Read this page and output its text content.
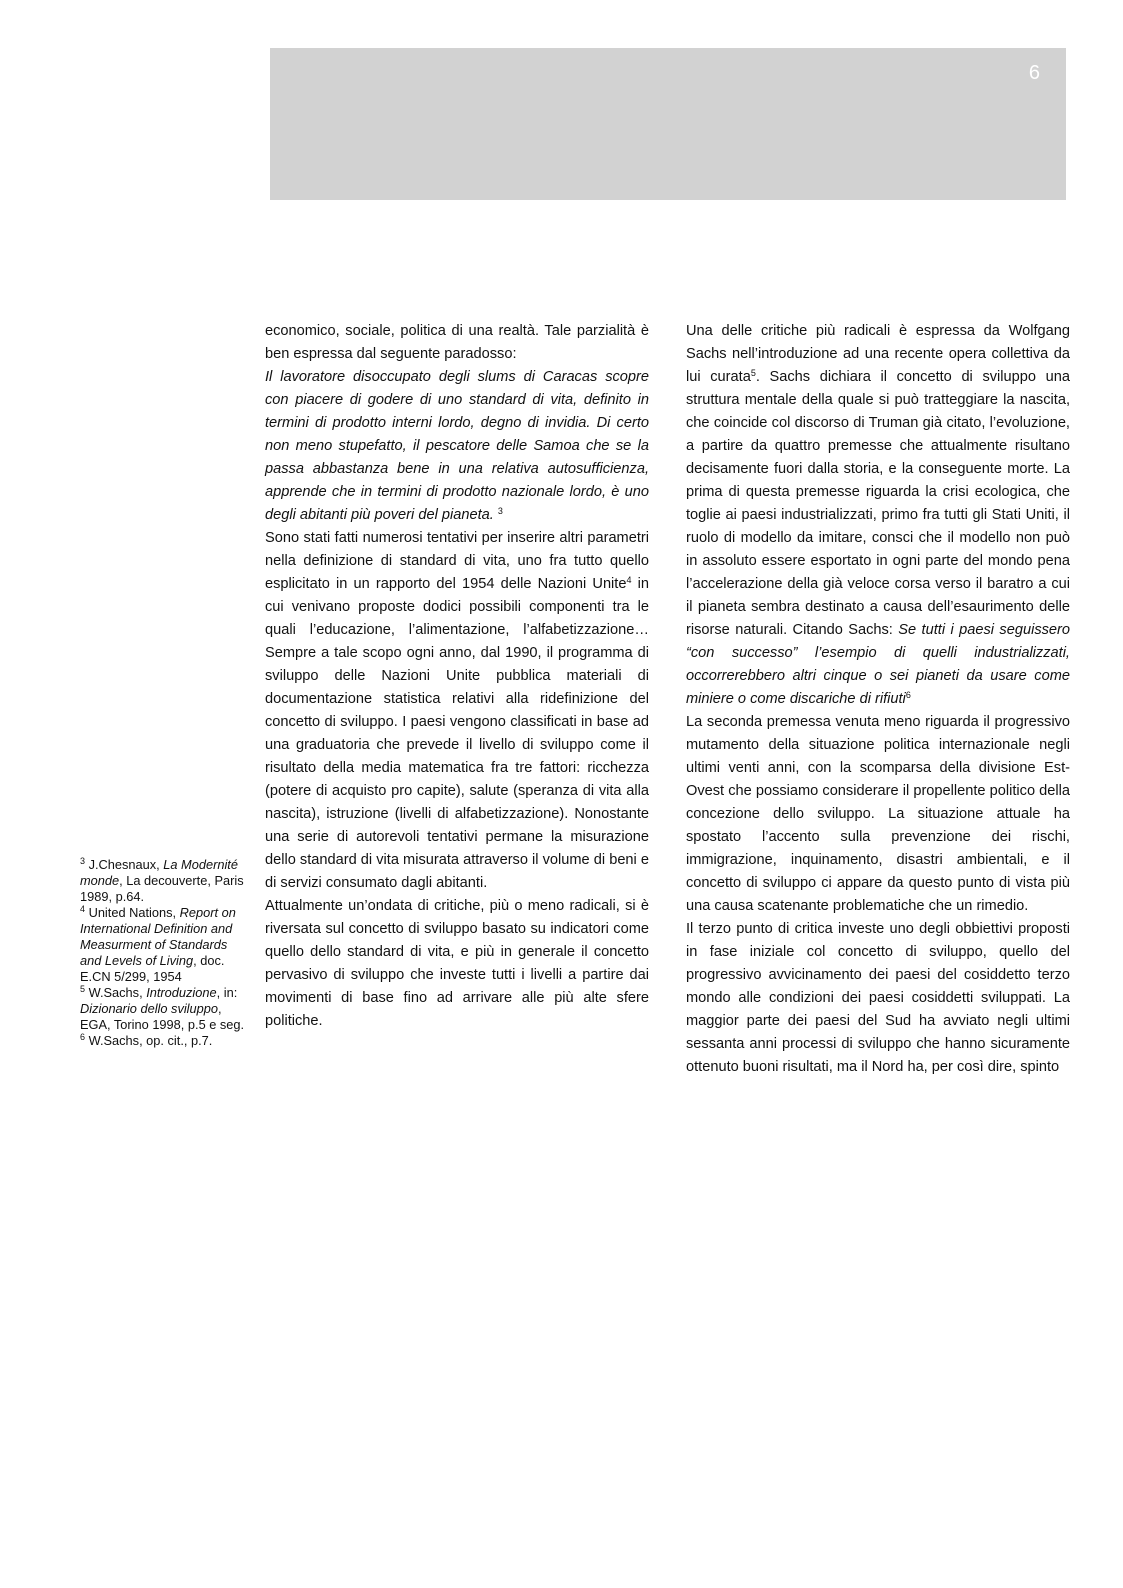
6

economico, sociale, politica di una realtà. Tale parzialità è ben espressa dal seguente paradosso:

Il lavoratore disoccupato degli slums di Caracas scopre con piacere di godere di uno standard di vita, definito in termini di prodotto interni lordo, degno di invidia. Di certo non meno stupefatto, il pescatore delle Samoa che se la passa abbastanza bene in una relativa autosufficienza, apprende che in termini di prodotto nazionale lordo, è uno degli abitanti più poveri del pianeta. $^3$

Sono stati fatti numerosi tentativi per inserire altri parametri nella definizione di standard di vita, uno fra tutto quello esplicitato in un rapporto del 1954 delle Nazioni Unite$^4$ in cui venivano proposte dodici possibili componenti tra le quali l’educazione, l’alimentazione, l’alfabetizzazione… Sempre a tale scopo ogni anno, dal 1990, il programma di sviluppo delle Nazioni Unite pubblica materiali di documentazione statistica relativi alla ridefinizione del concetto di sviluppo. I paesi vengono classificati in base ad una graduatoria che prevede il livello di sviluppo come il risultato della media matematica fra tre fattori: ricchezza (potere di acquisto pro capite), salute (speranza di vita alla nascita), istruzione (livelli di alfabetizzazione). Nonostante una serie di autorevoli tentativi permane la misurazione dello standard di vita misurata attraverso il volume di beni e di servizi consumato dagli abitanti.

Attualmente un’ondata di critiche, più o meno radicali, si è riversata sul concetto di sviluppo basato su indicatori come quello dello standard di vita, e più in generale il concetto pervasivo di sviluppo che investe tutti i livelli a partire dai movimenti di base fino ad arrivare alle più alte sfere politiche.

Una delle critiche più radicali è espressa da Wolfgang Sachs nell’introduzione ad una recente opera collettiva da lui curata$^5$. Sachs dichiara il concetto di sviluppo una struttura mentale della quale si può tratteggiare la nascita, che coincide col discorso di Truman già citato, l’evoluzione, a partire da quattro premesse che attualmente risultano decisamente fuori dalla storia, e la conseguente morte. La prima di questa premesse riguarda la crisi ecologica, che toglie ai paesi industrializzati, primo fra tutti gli Stati Uniti, il ruolo di modello da imitare, consci che il modello non può in assoluto essere esportato in ogni parte del mondo pena l’accelerazione della già veloce corsa verso il baratro a cui il pianeta sembra destinato a causa dell’esaurimento delle risorse naturali. Citando Sachs: Se tutti i paesi seguissero “con successo” l’esempio di quelli industrializzati, occorrerebbero altri cinque o sei pianeti da usare come miniere o come discariche di rifiuti$^6$

La seconda premessa venuta meno riguarda il progressivo mutamento della situazione politica internazionale negli ultimi venti anni, con la scomparsa della divisione Est-Ovest che possiamo considerare il propellente politico della concezione dello sviluppo. La situazione attuale ha spostato l’accento sulla prevenzione dei rischi, immigrazione, inquinamento, disastri ambientali, e il concetto di sviluppo ci appare da questo punto di vista più una causa scatenante problematiche che un rimedio.

Il terzo punto di critica investe uno degli obbiettivi proposti in fase iniziale col concetto di sviluppo, quello del progressivo avvicinamento dei paesi del cosiddetto terzo mondo alle condizioni dei paesi cosiddetti sviluppati. La maggior parte dei paesi del Sud ha avviato negli ultimi sessanta anni processi di sviluppo che hanno sicuramente ottenuto buoni risultati, ma il Nord ha, per così dire, spinto

$^3$ J.Chesnaux, La Modernité monde, La decouverte, Paris 1989, p.64.

$^4$ United Nations, Report on International Definition and Measurment of Standards and Levels of Living, doc. E.CN 5/299, 1954

$^5$ W.Sachs, Introduzione, in: Dizionario dello sviluppo, EGA, Torino 1998, p.5 e seg.

$^6$ W.Sachs, op. cit., p.7.
